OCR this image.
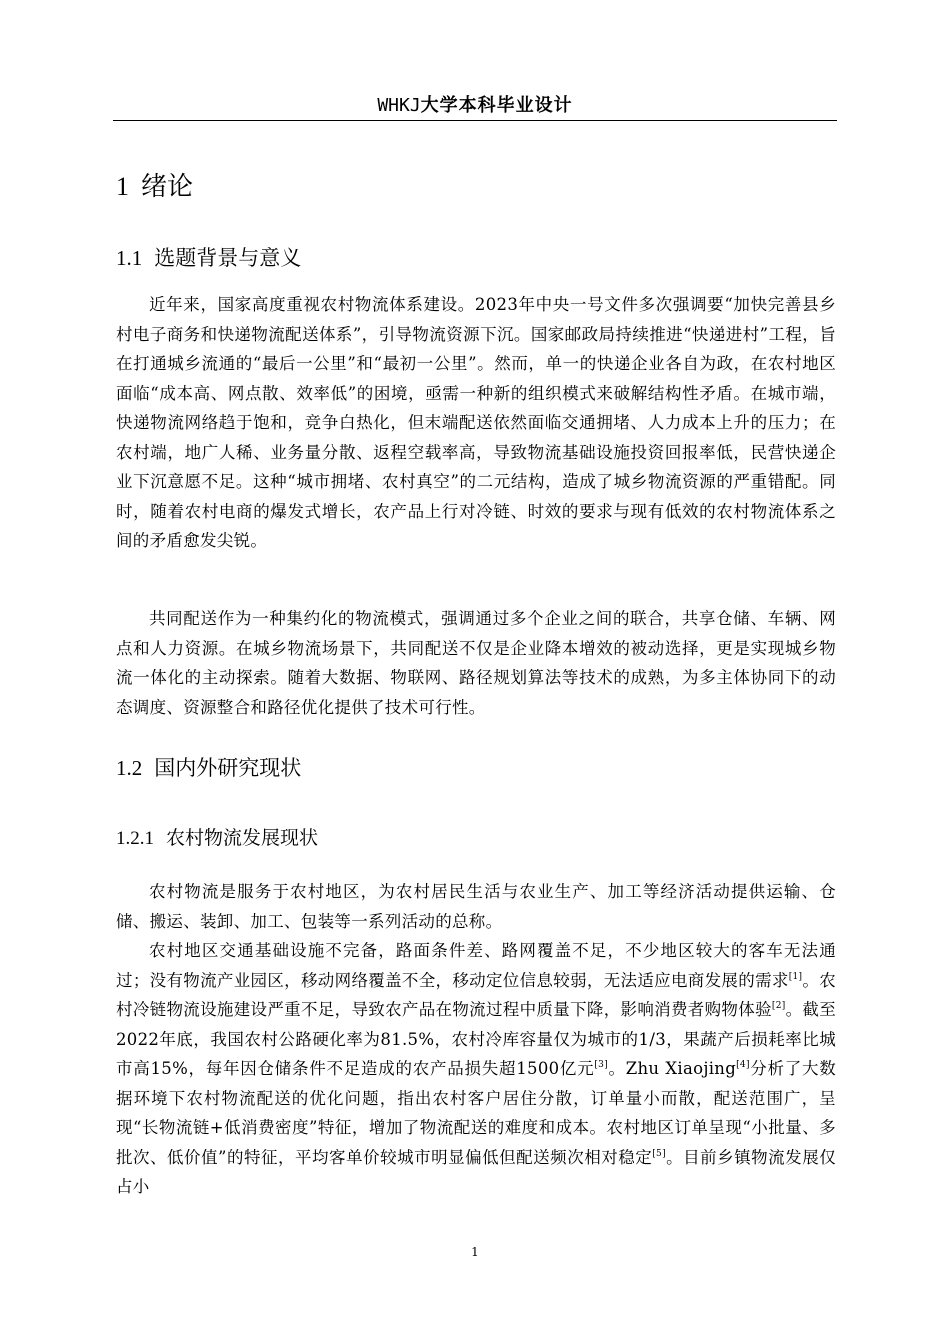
WHKJ大学本科毕业设计
1 绪论
1.1 选题背景与意义

近年来，国家高度重视农村物流体系建设。2023年中央一号文件多次强调要“加快完善县乡村电子商务和快递物流配送体系”，引导物流资源下沉。国家邮政局持续推进“快递进村”工程，旨在打通城乡流通的“最后一公里”和“最初一公里”。然而，单一的快递企业各自为政，在农村地区面临“成本高、网点散、效率低”的困境，亟需一种新的组织模式来破解结构性矛盾。在城市端，快递物流网络趋于饱和，竞争白热化，但末端配送依然面临交通拥堵、人力成本上升的压力；在农村端，地广人稀、业务量分散、返程空载率高，导致物流基础设施投资回报率低，民营快递企业下沉意愿不足。这种“城市拥堵、农村真空”的二元结构，造成了城乡物流资源的严重错配。同时，随着农村电商的爆发式增长，农产品上行对冷链、时效的要求与现有低效的农村物流体系之间的矛盾愈发尖锐。

共同配送作为一种集约化的物流模式，强调通过多个企业之间的联合，共享仓储、车辆、网点和人力资源。在城乡物流场景下，共同配送不仅是企业降本增效的被动选择，更是实现城乡物流一体化的主动探索。随着大数据、物联网、路径规划算法等技术的成熟，为多主体协同下的动态调度、资源整合和路径优化提供了技术可行性。

1.2 国内外研究现状
1.2.1 农村物流发展现状

农村物流是服务于农村地区，为农村居民生活与农业生产、加工等经济活动提供运输、仓储、搬运、装卸、加工、包装等一系列活动的总称。

农村地区交通基础设施不完备，路面条件差、路网覆盖不足，不少地区较大的客车无法通过；没有物流产业园区，移动网络覆盖不全，移动定位信息较弱，无法适应电商发展的需求[1]。农村冷链物流设施建设严重不足，导致农产品在物流过程中质量下降，影响消费者购物体验[2]。截至2022年底，我国农村公路硬化率为81.5%，农村冷库容量仅为城市的1/3，果蔬产后损耗率比城市高15%，每年因仓储条件不足造成的农产品损失超1500亿元[3]。Zhu Xiaojing[4]分析了大数据环境下农村物流配送的优化问题，指出农村客户居住分散，订单量小而散，配送范围广，呈现“长物流链+低消费密度”特征，增加了物流配送的难度和成本。农村地区订单呈现“小批量、多批次、低价值”的特征，平均客单价较城市明显偏低但配送频次相对稳定[5]。目前乡镇物流发展仅占小

1
